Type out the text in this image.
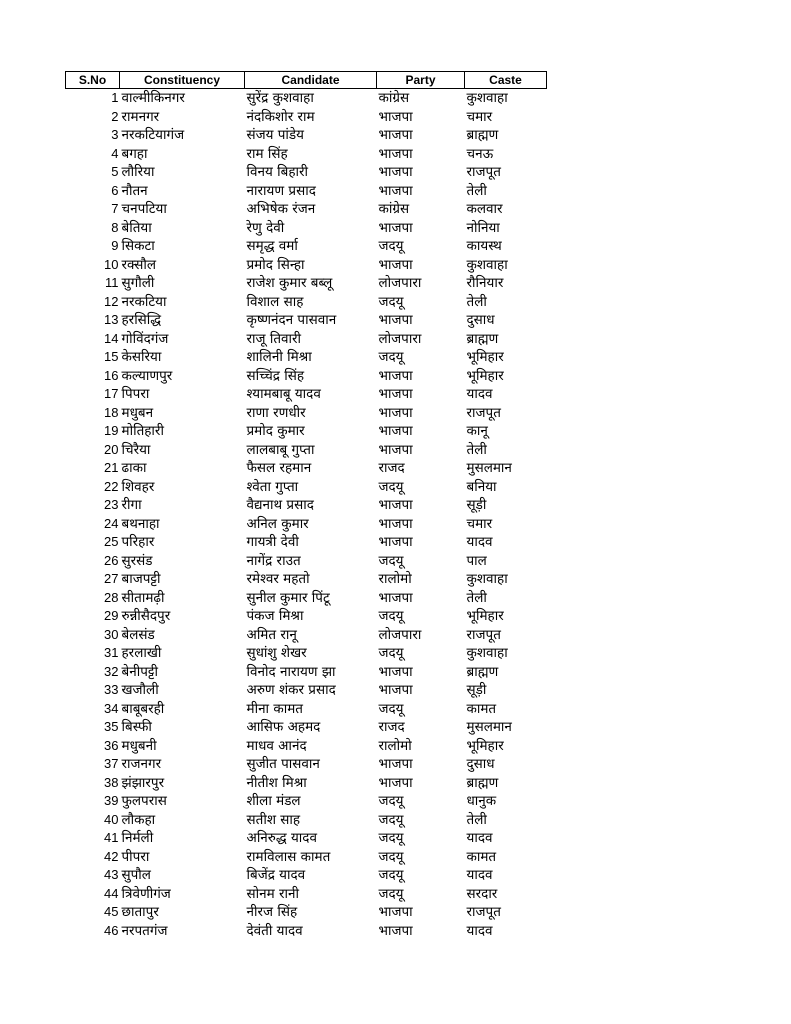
S.No	Constituency	Candidate	Party	Caste
1	वाल्मीकिनगर	सुरेंद्र कुशवाहा	कांग्रेस	कुशवाहा
2	रामनगर	नंदकिशोर राम	भाजपा	चमार
3	नरकटियागंज	संजय पांडेय	भाजपा	ब्राह्मण
4	बगहा	राम सिंह	भाजपा	चनऊ
5	लौरिया	विनय बिहारी	भाजपा	राजपूत
6	नौतन	नारायण प्रसाद	भाजपा	तेली
7	चनपटिया	अभिषेक रंजन	कांग्रेस	कलवार
8	बेतिया	रेणु देवी	भाजपा	नोनिया
9	सिकटा	समृद्ध वर्मा	जदयू	कायस्थ
10	रक्सौल	प्रमोद सिन्हा	भाजपा	कुशवाहा
11	सुगौली	राजेश कुमार बब्लू	लोजपारा	रौनियार
12	नरकटिया	विशाल साह	जदयू	तेली
13	हरसिद्धि	कृष्णनंदन पासवान	भाजपा	दुसाध
14	गोविंदगंज	राजू तिवारी	लोजपारा	ब्राह्मण
15	केसरिया	शालिनी मिश्रा	जदयू	भूमिहार
16	कल्याणपुर	सच्चिंद्र सिंह	भाजपा	भूमिहार
17	पिपरा	श्यामबाबू यादव	भाजपा	यादव
18	मधुबन	राणा रणधीर	भाजपा	राजपूत
19	मोतिहारी	प्रमोद कुमार	भाजपा	कानू
20	चिरैया	लालबाबू गुप्ता	भाजपा	तेली
21	ढाका	फैसल रहमान	राजद	मुसलमान
22	शिवहर	श्वेता गुप्ता	जदयू	बनिया
23	रीगा	वैद्यनाथ प्रसाद	भाजपा	सूड़ी
24	बथनाहा	अनिल कुमार	भाजपा	चमार
25	परिहार	गायत्री देवी	भाजपा	यादव
26	सुरसंड	नागेंद्र राउत	जदयू	पाल
27	बाजपट्टी	रमेश्वर महतो	रालोमो	कुशवाहा
28	सीतामढ़ी	सुनील कुमार पिंटू	भाजपा	तेली
29	रुन्नीसैदपुर	पंकज मिश्रा	जदयू	भूमिहार
30	बेलसंड	अमित रानू	लोजपारा	राजपूत
31	हरलाखी	सुधांशु शेखर	जदयू	कुशवाहा
32	बेनीपट्टी	विनोद नारायण झा	भाजपा	ब्राह्मण
33	खजौली	अरुण शंकर प्रसाद	भाजपा	सूड़ी
34	बाबूबरही	मीना कामत	जदयू	कामत
35	बिस्फी	आसिफ अहमद	राजद	मुसलमान
36	मधुबनी	माधव आनंद	रालोमो	भूमिहार
37	राजनगर	सुजीत पासवान	भाजपा	दुसाध
38	झंझारपुर	नीतीश मिश्रा	भाजपा	ब्राह्मण
39	फुलपरास	शीला मंडल	जदयू	धानुक
40	लौकहा	सतीश साह	जदयू	तेली
41	निर्मली	अनिरुद्ध यादव	जदयू	यादव
42	पीपरा	रामविलास कामत	जदयू	कामत
43	सुपौल	बिजेंद्र यादव	जदयू	यादव
44	त्रिवेणीगंज	सोनम रानी	जदयू	सरदार
45	छातापुर	नीरज सिंह	भाजपा	राजपूत
46	नरपतगंज	देवंती यादव	भाजपा	यादव
